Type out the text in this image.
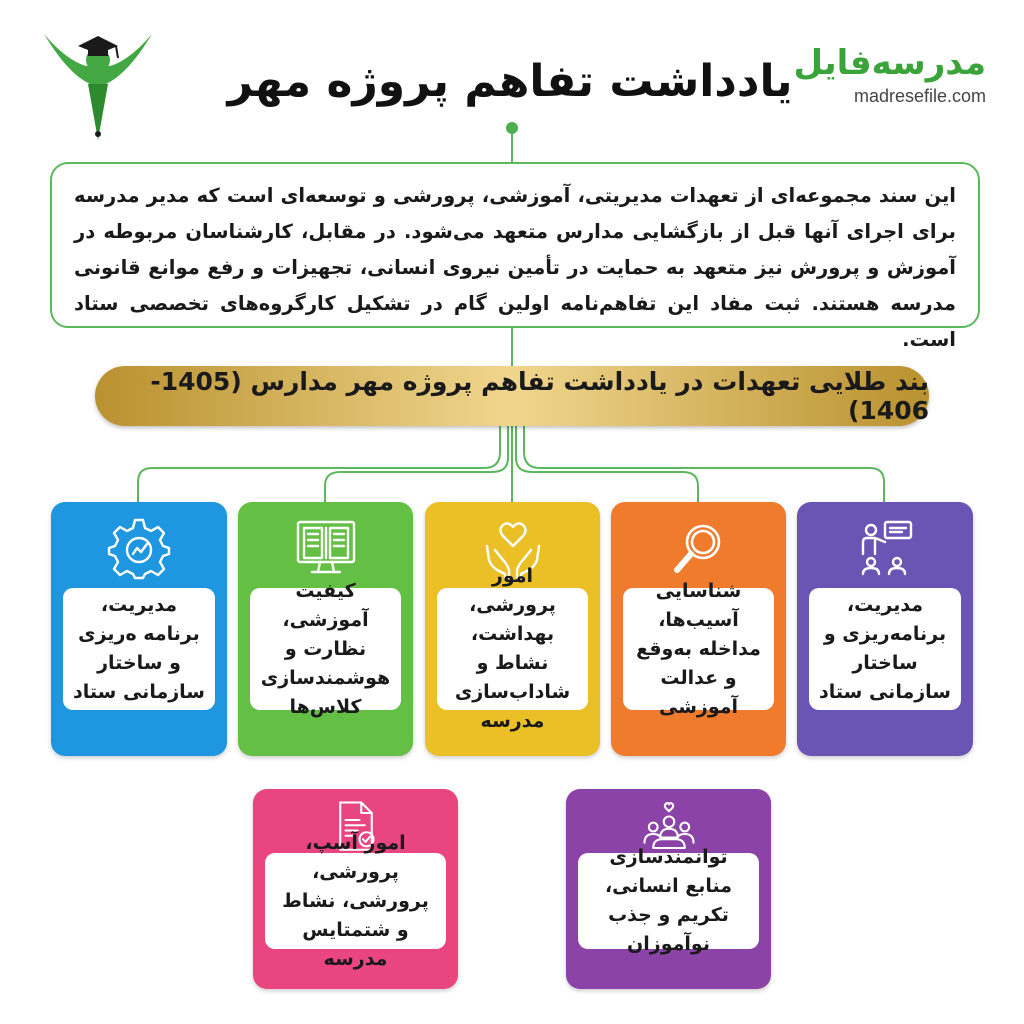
یادداشت تفاهم پروژه مهر مدرسه‌فایل
madresefile.com
این سند مجموعه‌ای از تعهدات مدیریتی، آموزشی، پرورشی و توسعه‌ای است که مدیر مدرسه برای اجرای آنها قبل از بازگشایی مدارس متعهد می‌شود. در مقابل، کارشناسان مربوطه در آموزش و پرورش نیز متعهد به حمایت در تأمین نیروی انسانی، تجهیزات و رفع موانع قانونی مدرسه هستند. ثبت مفاد این تفاهم‌نامه اولین گام در تشکیل کارگروه‌های تخصصی ستاد است.
بند طلایی تعهدات در یادداشت تفاهم پروژه مهر مدارس (1405-1406)
مدیریت، برنامه‌ریزی و ساختار سازمانی ستاد
شناسایی آسیب‌ها، مداخله به‌وقع و عدالت آموزشی
امور پرورشی، بهداشت، نشاط و شاداب‌سازی مدرسه
کیفیت آموزشی، نظارت و هوشمندسازی کلاس‌ها
مدیریت، برنامه ه‌ریزی و ساختار سازمانی ستاد
توانمندسازی منابع انسانی، تکریم و جذب نوآموزان
امور آسپ، پرورشی، پرورشی، نشاط و شتمتایس مدرسه
